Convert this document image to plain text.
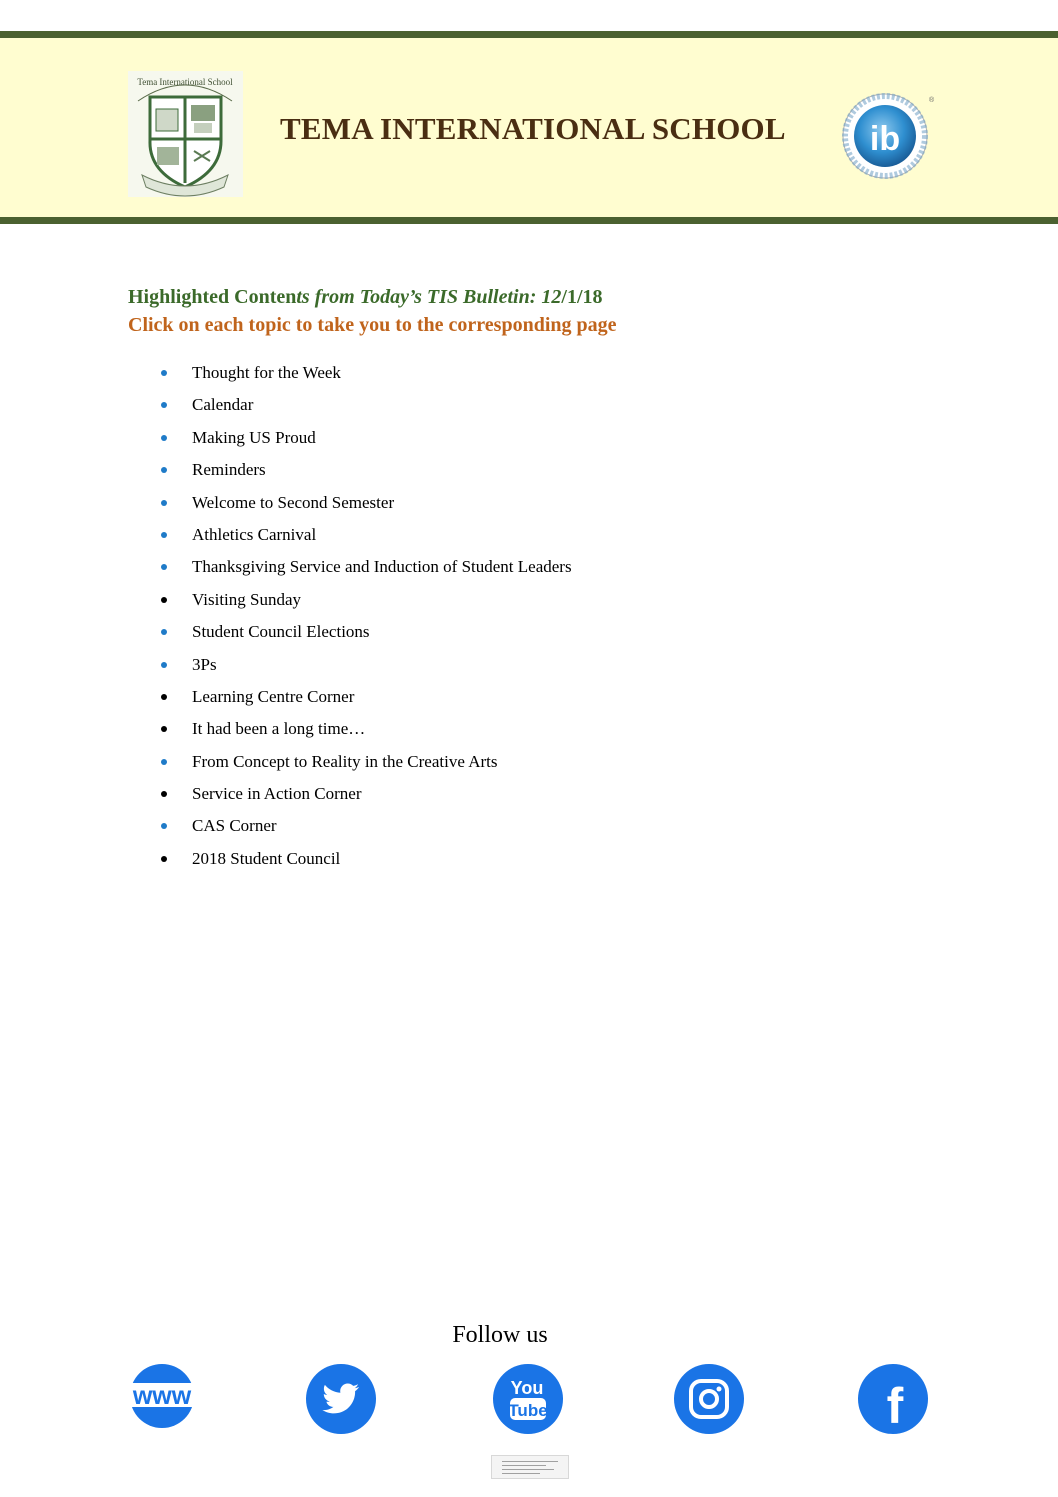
Tema International School
TEMA INTERNATIONAL SCHOOL	ib
®
Highlighted Contents from Today’s TIS Bulletin: 12/1/18
Click on each topic to take you to the corresponding page
Thought for the Week
Calendar
Making US Proud
Reminders
Welcome to Second Semester
Athletics Carnival
Thanksgiving Service and Induction of Student Leaders
Visiting Sunday
Student Council Elections
3Ps
Learning Centre Corner
It had been a long time…
From Concept to Reality in the Creative Arts
Service in Action Corner
CAS Corner
2018 Student Council
Follow us
www	You
Tube	f
